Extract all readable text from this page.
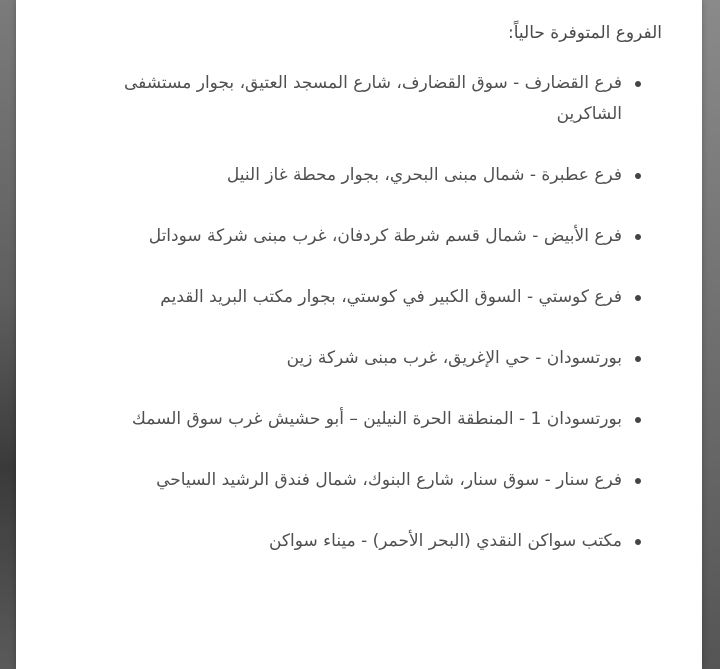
الفروع المتوفرة حالياً:
فرع القضارف - سوق القضارف، شارع المسجد العتيق، بجوار مستشفى الشاكرين
فرع عطبرة - شمال مبنى البحري، بجوار محطة غاز النيل
فرع الأبيض - شمال قسم شرطة كردفان، غرب مبنى شركة سوداتل
فرع كوستي - السوق الكبير في كوستي، بجوار مكتب البريد القديم
بورتسودان - حي الإغريق، غرب مبنى شركة زين
بورتسودان 1 - المنطقة الحرة النيلين – أبو حشيش غرب سوق السمك
فرع سنار - سوق سنار، شارع البنوك، شمال فندق الرشيد السياحي
مكتب سواكن النقدي (البحر الأحمر) - ميناء سواكن
